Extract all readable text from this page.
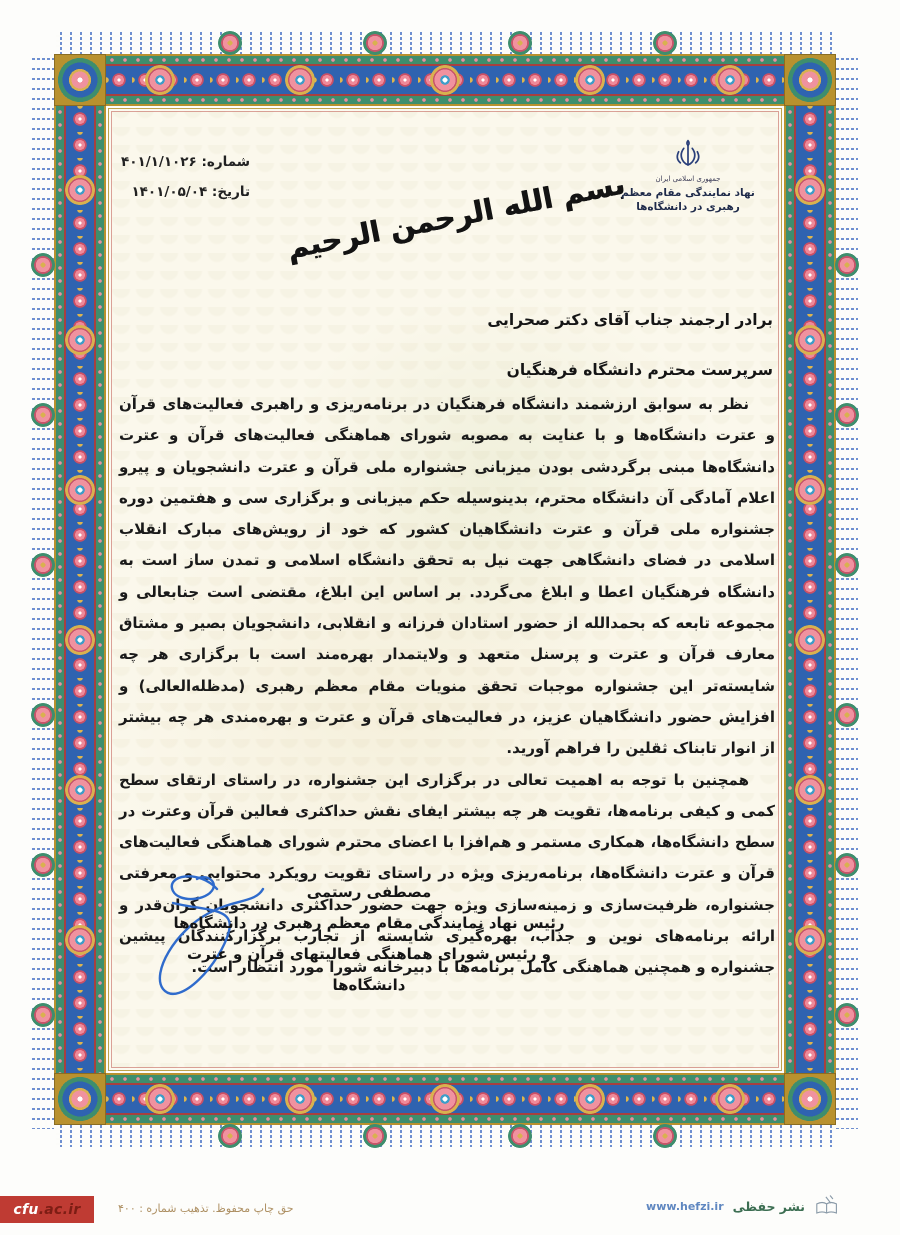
شماره: ۴۰۱/۱/۱۰۲۶
تاریخ: ۱۴۰۱/۰۵/۰۴	بسم الله الرحمن الرحیم	جمهوری اسلامی ایران
نهاد نمایندگی مقام معظم رهبری در دانشگاه‌ها
برادر ارجمند جناب آقای دکتر صحرایی
سرپرست محترم دانشگاه فرهنگیان

نظر به سوابق ارزشمند دانشگاه فرهنگیان در برنامه‌ریزی و راهبری فعالیت‌های قرآن و عترت دانشگاه‌ها و با عنایت به مصوبه شورای هماهنگی فعالیت‌های قرآن و عترت دانشگاه‌ها مبنی برگردشی بودن میزبانی جشنواره ملی قرآن و عترت دانشجویان و پیرو اعلام آمادگی آن دانشگاه محترم، بدینوسیله حکم میزبانی و برگزاری سی و هفتمین دوره جشنواره ملی قرآن و عترت دانشگاهیان کشور که خود از رویش‌های مبارک انقلاب اسلامی در فضای دانشگاهی جهت نیل به تحقق دانشگاه اسلامی و تمدن ساز است به دانشگاه فرهنگیان اعطا و ابلاغ می‌گردد. بر اساس این ابلاغ، مقتضی است جنابعالی و مجموعه تابعه که بحمدالله از حضور استادان فرزانه و انقلابی، دانشجویان بصیر و مشتاق معارف قرآن و عترت و پرسنل متعهد و ولایتمدار بهره‌مند است با برگزاری هر چه شایسته‌تر این جشنواره موجبات تحقق منویات مقام معظم رهبری (مدظله‌العالی) و افزایش حضور دانشگاهیان عزیز، در فعالیت‌های قرآن و عترت و بهره‌مندی هر چه بیشتر از انوار تابناک ثقلین را فراهم آورید.

همچنین با توجه به اهمیت تعالی در برگزاری این جشنواره، در راستای ارتقای سطح کمی و کیفی برنامه‌ها، تقویت هر چه بیشتر ایفای نقش حداکثری فعالین قرآن وعترت در سطح دانشگاه‌ها، همکاری مستمر و هم‌افزا با اعضای محترم شورای هماهنگی فعالیت‌های قرآن و عترت دانشگاه‌ها، برنامه‌ریزی ویژه در راستای تقویت رویکرد محتوایی و معرفتی جشنواره، ظرفیت‌سازی و زمینه‌سازی ویژه جهت حضور حداکثری دانشجویان گران‌قدر و ارائه برنامه‌های نوین و جذاب، بهره‌گیری شایسته از تجارب برگزارکنندگان پیشین جشنواره و همچنین هماهنگی کامل برنامه‌ها با دبیرخانه شورا مورد انتظار است.

مصطفی رستمی
رئیس نهاد نمایندگی مقام معظم رهبری در دانشگاه‌ها
و رئیس شورای هماهنگی فعالیتهای قرآن و عترت دانشگاه‌ها
cfu .ac.ir	حق چاپ محفوظ. تذهیب شماره : ۴۰۰	www.hefzi.ir نشر حفظی
